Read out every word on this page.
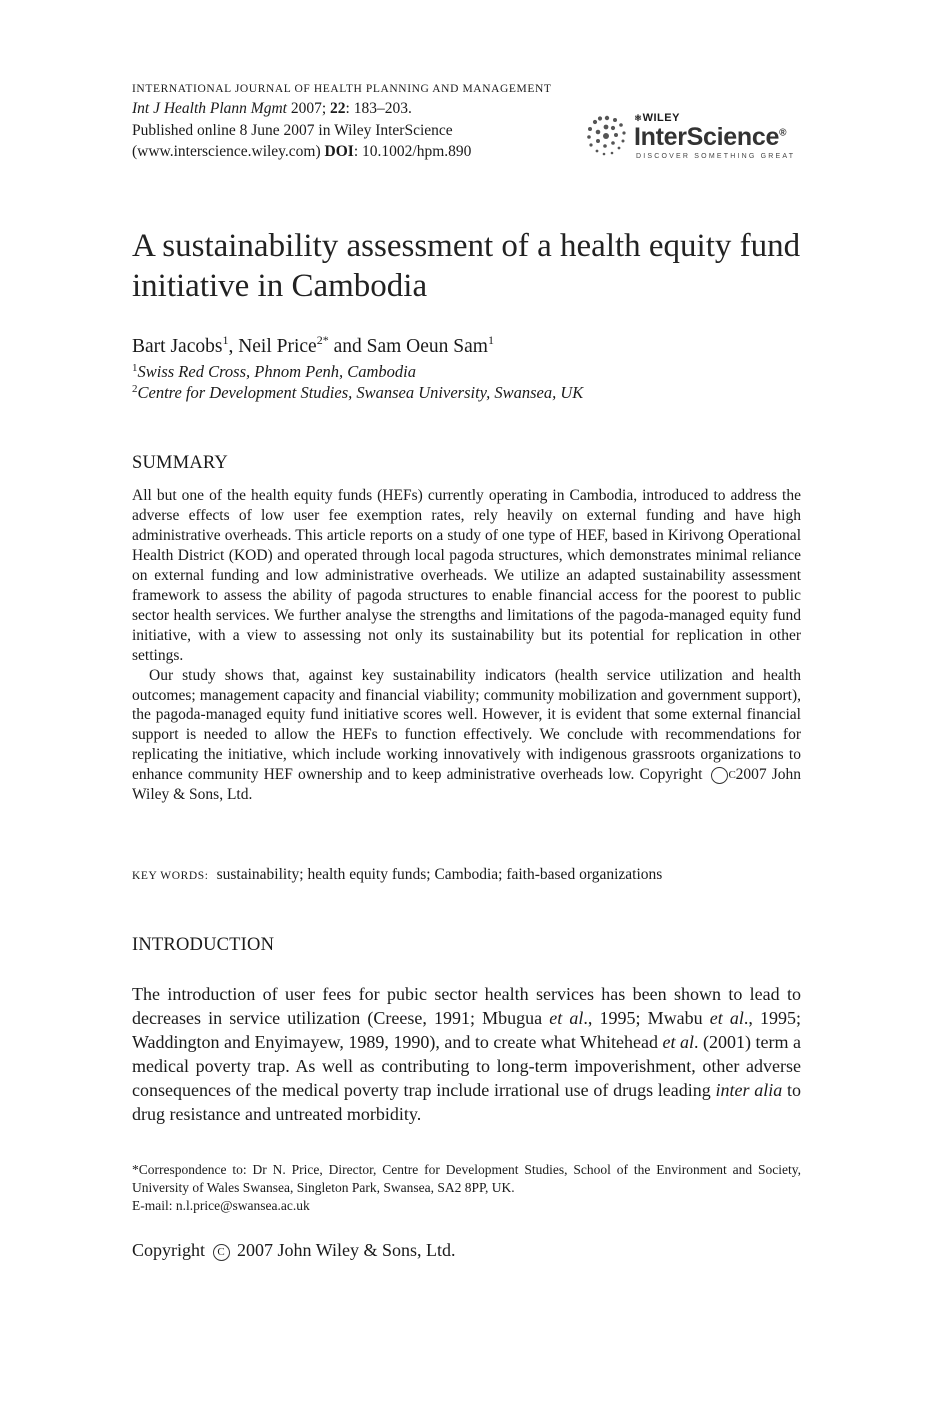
INTERNATIONAL JOURNAL OF HEALTH PLANNING AND MANAGEMENT
Int J Health Plann Mgmt 2007; 22: 183–203.
Published online 8 June 2007 in Wiley InterScience
(www.interscience.wiley.com) DOI: 10.1002/hpm.890
⚛WILEY
InterScience®
DISCOVER SOMETHING GREAT
A sustainability assessment of a health equity fund initiative in Cambodia
Bart Jacobs$^1$, Neil Price$^{2*}$ and Sam Oeun Sam$^1$
$^1$Swiss Red Cross, Phnom Penh, Cambodia
$^2$Centre for Development Studies, Swansea University, Swansea, UK
SUMMARY

All but one of the health equity funds (HEFs) currently operating in Cambodia, introduced to address the adverse effects of low user fee exemption rates, rely heavily on external funding and have high administrative overheads. This article reports on a study of one type of HEF, based in Kirivong Operational Health District (KOD) and operated through local pagoda structures, which demonstrates minimal reliance on external funding and low administrative overheads. We utilize an adapted sustainability assessment framework to assess the ability of pagoda structures to enable financial access for the poorest to public sector health services. We further analyse the strengths and limitations of the pagoda-managed equity fund initiative, with a view to assessing not only its sustainability but its potential for replication in other settings.

Our study shows that, against key sustainability indicators (health service utilization and health outcomes; management capacity and financial viability; community mobilization and government support), the pagoda-managed equity fund initiative scores well. However, it is evident that some external financial support is needed to allow the HEFs to function effectively. We conclude with recommendations for replicating the initiative, which include working innovatively with indigenous grassroots organizations to enhance community HEF ownership and to keep administrative overheads low. Copyright C 2007 John Wiley & Sons, Ltd.

KEY WORDS: sustainability; health equity funds; Cambodia; faith-based organizations
INTRODUCTION

The introduction of user fees for pubic sector health services has been shown to lead to decreases in service utilization (Creese, 1991; Mbugua et al., 1995; Mwabu et al., 1995; Waddington and Enyimayew, 1989, 1990), and to create what Whitehead et al. (2001) term a medical poverty trap. As well as contributing to long-term impoverishment, other adverse consequences of the medical poverty trap include irrational use of drugs leading inter alia to drug resistance and untreated morbidity.

*Correspondence to: Dr N. Price, Director, Centre for Development Studies, School of the Environment and Society, University of Wales Swansea, Singleton Park, Swansea, SA2 8PP, UK.
E-mail: n.l.price@swansea.ac.uk
Copyright C 2007 John Wiley & Sons, Ltd.
